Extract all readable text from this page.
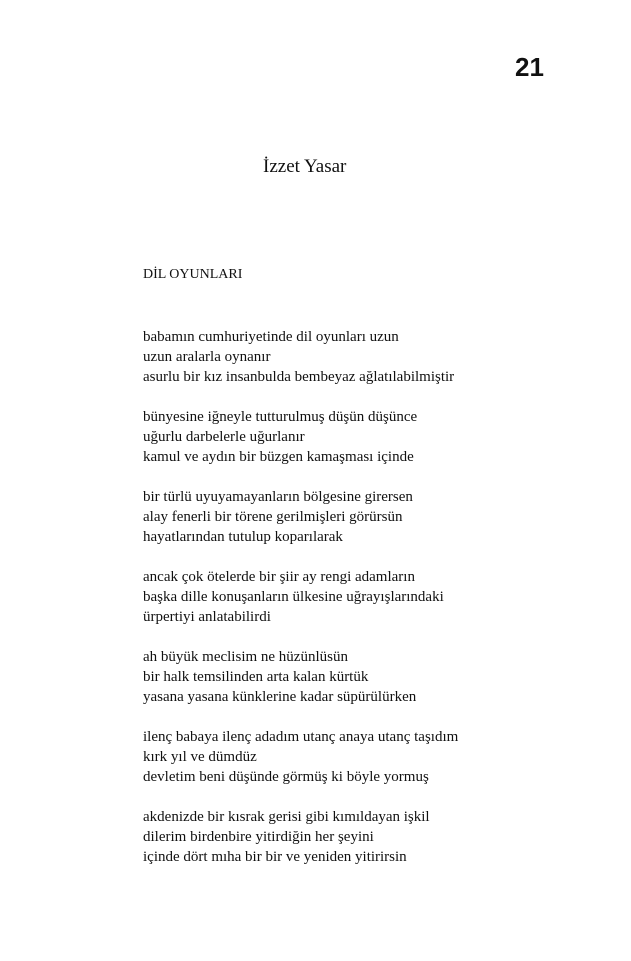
21
İzzet Yasar
DİL OYUNLARI
babamın cumhuriyetinde dil oyunları uzun
uzun aralarla oynanır
asurlu bir kız insanbulda bembeyaz ağlatılabilmiştir
bünyesine iğneyle tutturulmuş düşün düşünce
uğurlu darbelerle uğurlanır
kamul ve aydın bir büzgen kamaşması içinde
bir türlü uyuyamayanların bölgesine girersen
alay fenerli bir törene gerilmişleri görürsün
hayatlarından tutulup koparılarak
ancak çok ötelerde bir şiir ay rengi adamların
başka dille konuşanların ülkesine uğrayışlarındaki
ürpertiyi anlatabilirdi
ah büyük meclisim ne hüzünlüsün
bir halk temsilinden arta kalan kürtük
yasana yasana künklerine kadar süpürülürken
ilenç babaya ilenç adadım utanç anaya utanç taşıdım
kırk yıl ve dümdüz
devletim beni düşünde görmüş ki böyle yormuş
akdenizde bir kısrak gerisi gibi kımıldayan işkil
dilerim birdenbire yitirdiğin her şeyini
içinde dört mıha bir bir ve yeniden yitirirsin
